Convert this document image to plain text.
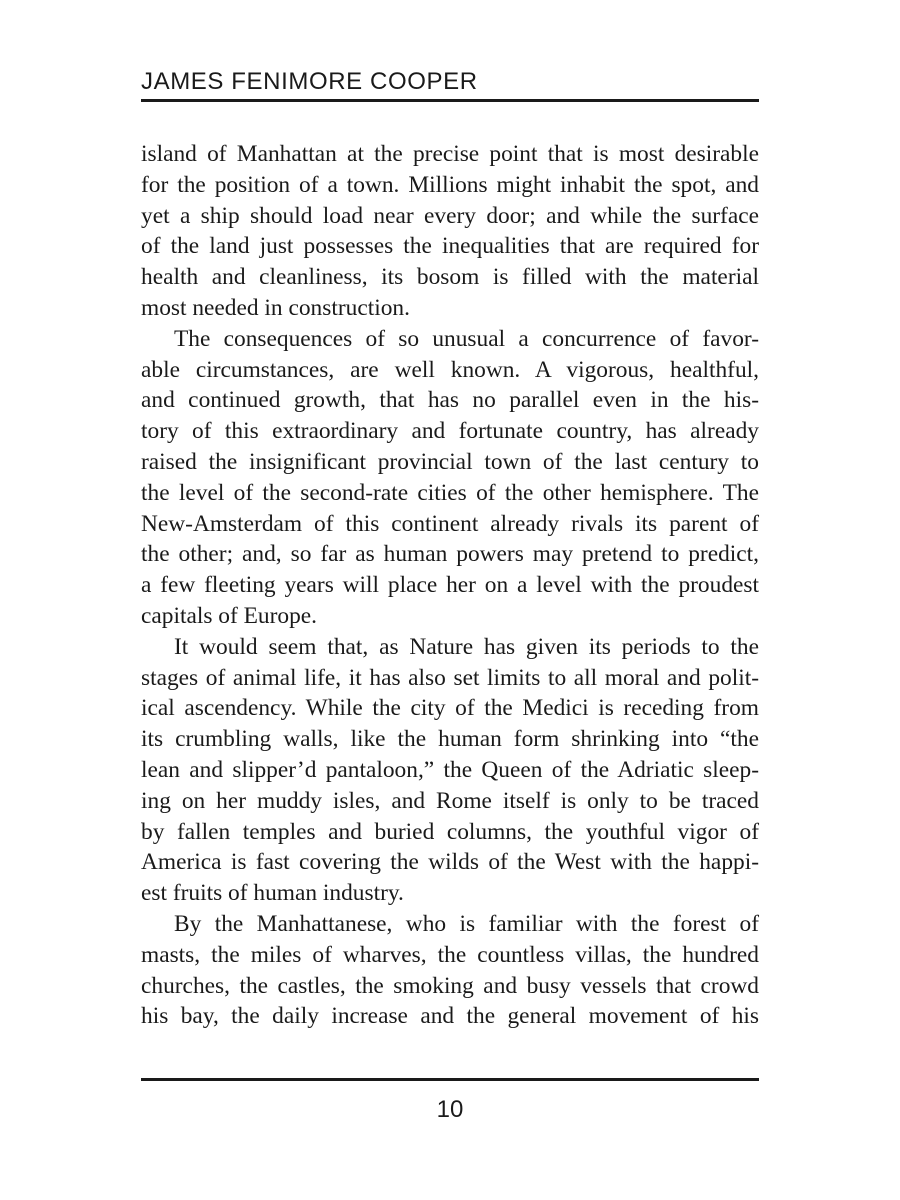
JAMES FENIMORE COOPER
island of Manhattan at the precise point that is most desirable
for the position of a town. Millions might inhabit the spot, and
yet a ship should load near every door; and while the surface
of the land just possesses the inequalities that are required for
health and cleanliness, its bosom is filled with the material
most needed in construction.
The consequences of so unusual a concurrence of favor-
able circumstances, are well known. A vigorous, healthful,
and continued growth, that has no parallel even in the his-
tory of this extraordinary and fortunate country, has already
raised the insignificant provincial town of the last century to
the level of the second-rate cities of the other hemisphere. The
New-Amsterdam of this continent already rivals its parent of
the other; and, so far as human powers may pretend to predict,
a few fleeting years will place her on a level with the proudest
capitals of Europe.
It would seem that, as Nature has given its periods to the
stages of animal life, it has also set limits to all moral and polit-
ical ascendency. While the city of the Medici is receding from
its crumbling walls, like the human form shrinking into “the
lean and slipper’d pantaloon,” the Queen of the Adriatic sleep-
ing on her muddy isles, and Rome itself is only to be traced
by fallen temples and buried columns, the youthful vigor of
America is fast covering the wilds of the West with the happi-
est fruits of human industry.
By the Manhattanese, who is familiar with the forest of
masts, the miles of wharves, the countless villas, the hundred
churches, the castles, the smoking and busy vessels that crowd
his bay, the daily increase and the general movement of his
10
